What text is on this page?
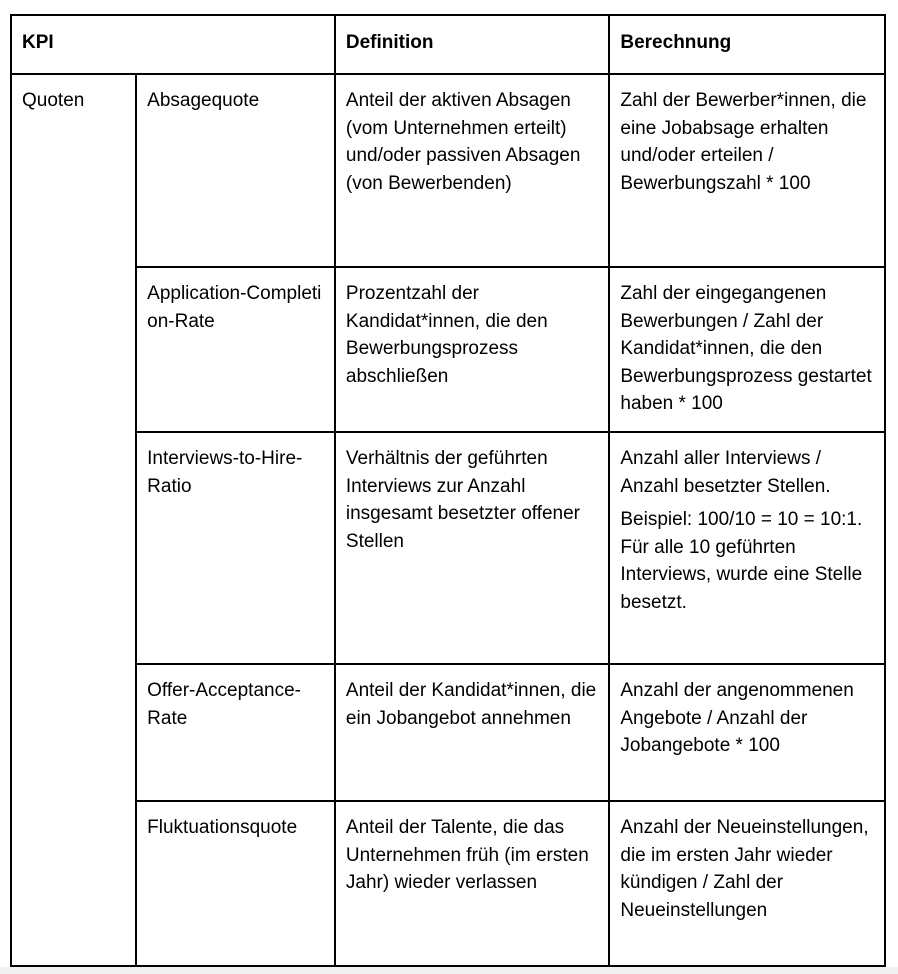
KPI		Definition	Berechnung
Quoten	Absagequote	Anteil der aktiven Absagen (vom Unternehmen erteilt) und/oder passiven Absagen (von Bewerbenden)	Zahl der Bewerber*innen, die eine Jobabsage erhalten und/oder erteilen / Bewerbungszahl * 100

	Application-Completion-Rate	Prozentzahl der Kandidat*innen, die den Bewerbungsprozess abschließen	Zahl der eingegangenen Bewerbungen / Zahl der Kandidat*innen, die den Bewerbungsprozess gestartet haben * 100

	Interviews-to-Hire-Ratio	Verhältnis der geführten Interviews zur Anzahl insgesamt besetzter offener Stellen	Anzahl aller Interviews / Anzahl besetzter Stellen.

Beispiel: 100/10 = 10 = 10:1. Für alle 10 geführten Interviews, wurde eine Stelle besetzt.

	Offer-Acceptance-Rate	Anteil der Kandidat*innen, die ein Jobangebot annehmen	Anzahl der angenommenen Angebote / Anzahl der Jobangebote * 100

	Fluktuationsquote	Anteil der Talente, die das Unternehmen früh (im ersten Jahr) wieder verlassen	Anzahl der Neueinstellungen, die im ersten Jahr wieder kündigen / Zahl der Neueinstellungen
